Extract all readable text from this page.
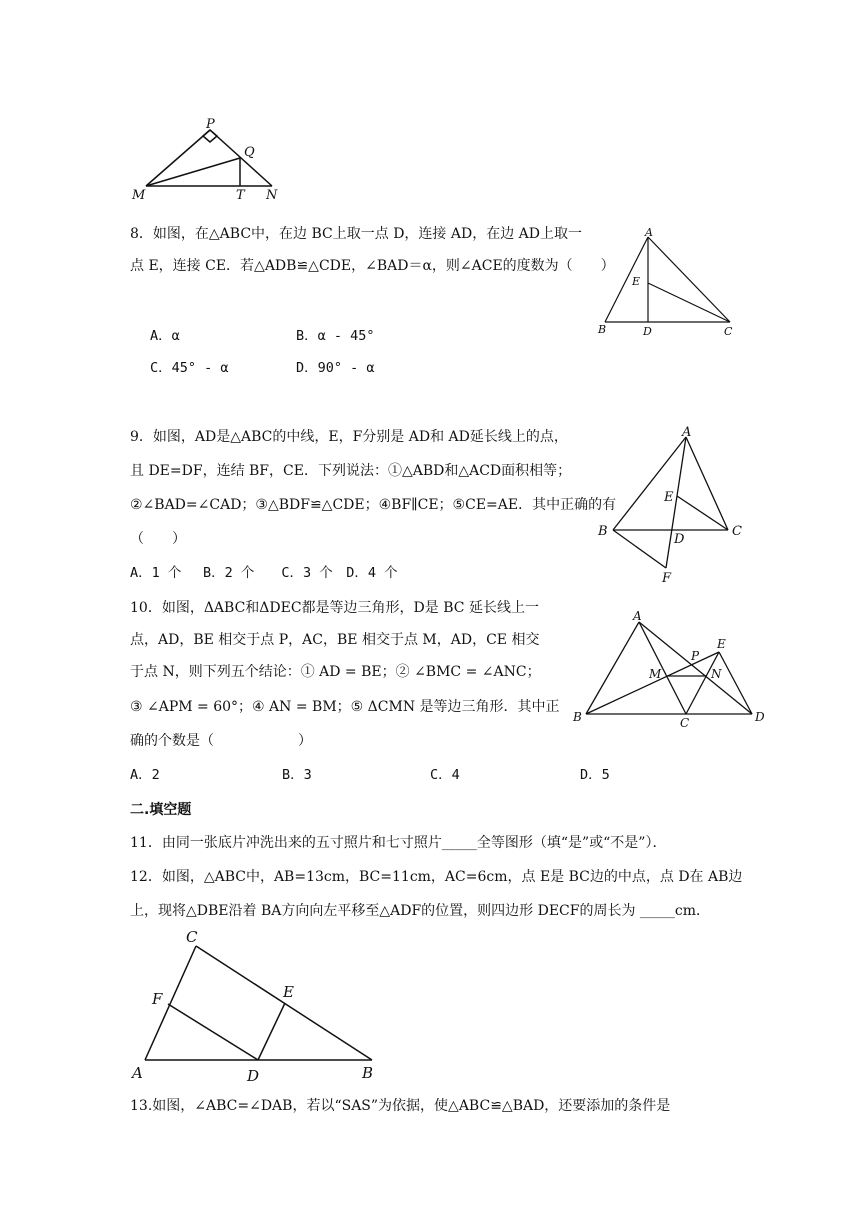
P
Q
M	T N
8．如图，在△ABC中，在边 BC上取一点 D，连接 AD，在边 AD上取一
点 E，连接 CE．若△ADB≌△CDE，∠BAD＝α，则∠ACE的度数为（　　）
A．α	B．α - 45°
C．45° - α	D．90° - α
A
E
B	D	C
9．如图，AD是△ABC的中线，E，F分别是 AD和 AD延长线上的点，
且 DE=DF，连结 BF，CE．下列说法：①△ABD和△ACD面积相等；
②∠BAD=∠CAD；③△BDF≌△CDE；④BF∥CE；⑤CE=AE．其中正确的有
（　　）
A．1 个　 B．2 个　　C．3 个　D．4 个
A
E
B
D
C
F
10．如图，ΔABC和ΔDEC都是等边三角形，D是 BC 延长线上一
点，AD，BE 相交于点 P，AC，BE 相交于点 M，AD，CE 相交
于点 N，则下列五个结论：① AD = BE；② ∠BMC = ∠ANC；
③ ∠APM = 60°；④ AN = BM；⑤ ΔCMN 是等边三角形．其中正
确的个数是（　　　　　　）
A．2	B．3	C．4	D．5
A
E
P
M	N
B	C	D
二.填空题
11．由同一张底片冲洗出来的五寸照片和七寸照片_____全等图形（填“是”或“不是”）．
12．如图，△ABC中，AB=13cm，BC=11cm，AC=6cm，点 E是 BC边的中点，点 D在 AB边
上，现将△DBE沿着 BA方向向左平移至△ADF的位置，则四边形 DECF的周长为 _____cm．
C
F	E
A	D	B
13.如图，∠ABC=∠DAB，若以“SAS”为依据，使△ABC≌△BAD，还要添加的条件是
